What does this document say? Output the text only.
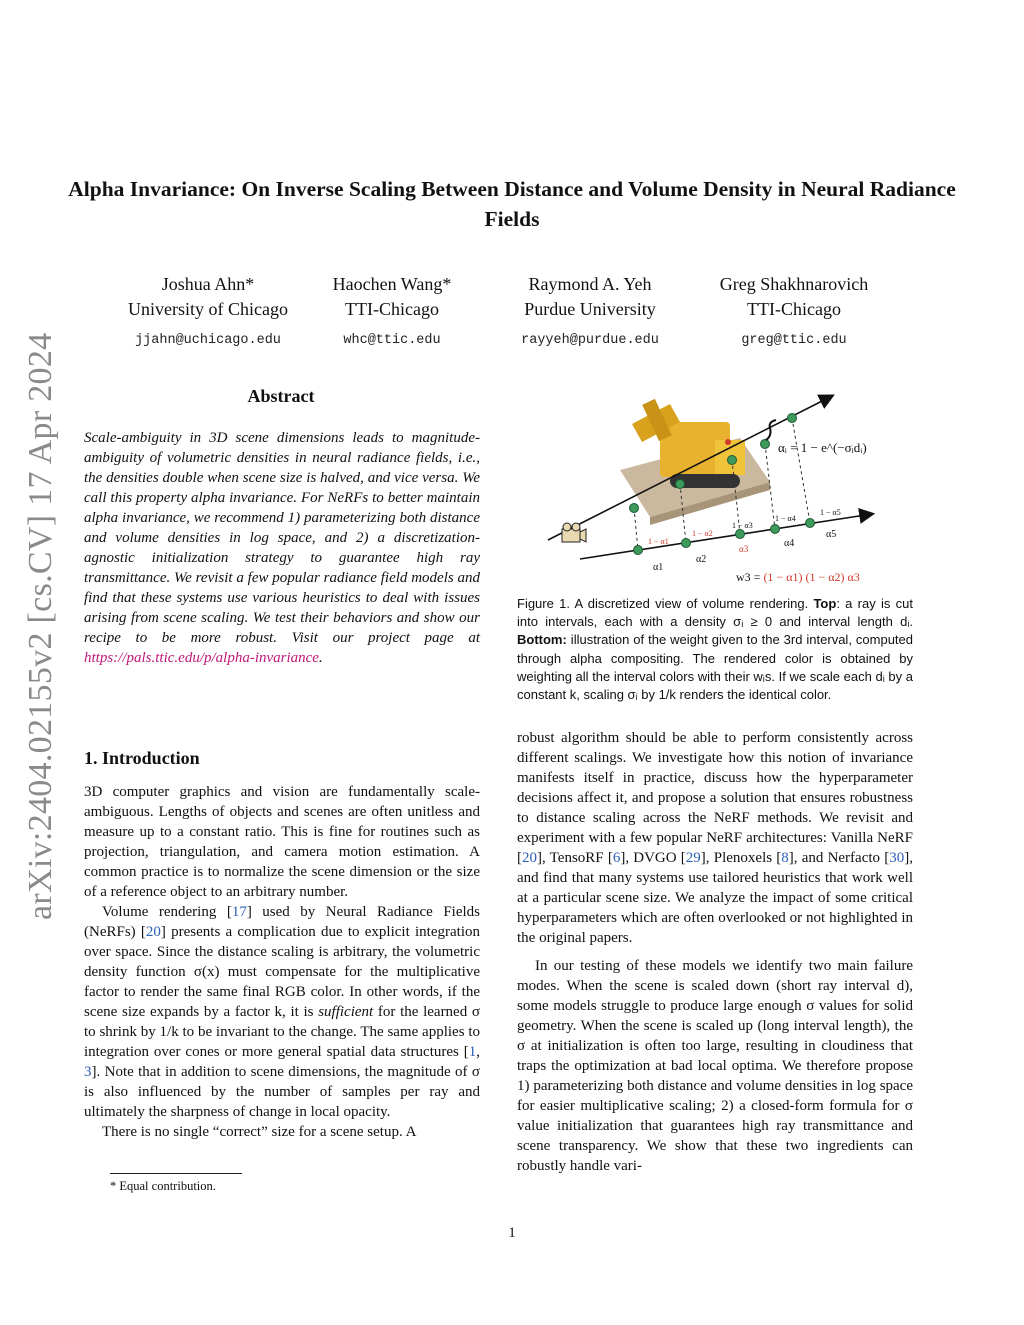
Alpha Invariance: On Inverse Scaling Between Distance and Volume Density in Neural Radiance Fields
Joshua Ahn*
University of Chicago
jjahn@uchicago.edu
Haochen Wang*
TTI-Chicago
whc@ttic.edu
Raymond A. Yeh
Purdue University
rayyeh@purdue.edu
Greg Shakhnarovich
TTI-Chicago
greg@ttic.edu
arXiv:2404.02155v2 [cs.CV] 17 Apr 2024	Abstract
Scale-ambiguity in 3D scene dimensions leads to magnitude-ambiguity of volumetric densities in neural radiance fields, i.e., the densities double when scene size is halved, and vice versa. We call this property alpha invariance. For NeRFs to better maintain alpha invariance, we recommend 1) parameterizing both distance and volume densities in log space, and 2) a discretization-agnostic initialization strategy to guarantee high ray transmittance. We revisit a few popular radiance field models and find that these systems use various heuristics to deal with issues arising from scene scaling. We test their behaviors and show our recipe to be more robust. Visit our project page at https://pals.ttic.edu/p/alpha-invariance.
1. Introduction

3D computer graphics and vision are fundamentally scale-ambiguous. Lengths of objects and scenes are often unitless and measure up to a constant ratio. This is fine for routines such as projection, triangulation, and camera motion estimation. A common practice is to normalize the scene dimension or the size of a reference object to an arbitrary number.

Volume rendering [17] used by Neural Radiance Fields (NeRFs) [20] presents a complication due to explicit integration over space. Since the distance scaling is arbitrary, the volumetric density function σ(x) must compensate for the multiplicative factor to render the same final RGB color. In other words, if the scene size expands by a factor k, it is sufficient for the learned σ to shrink by 1/k to be invariant to the change. The same applies to integration over cones or more general spatial data structures [1, 3]. Note that in addition to scene dimensions, the magnitude of σ is also influenced by the number of samples per ray and ultimately the sharpness of change in local opacity.

There is no single “correct” size for a scene setup. A

* Equal contribution.
αᵢ = 1 − e^(−σᵢdᵢ)
1 − α1
1 − α2
1 − α3
1 − α4
1 − α5
α1
α2
α3	α4
α5
w3 = (1 − α1) (1 − α2) α3
Figure 1. A discretized view of volume rendering. Top: a ray is cut into intervals, each with a density σᵢ ≥ 0 and interval length dᵢ. Bottom: illustration of the weight given to the 3rd interval, computed through alpha compositing. The rendered color is obtained by weighting all the interval colors with their wᵢs. If we scale each dᵢ by a constant k, scaling σᵢ by 1/k renders the identical color.

robust algorithm should be able to perform consistently across different scalings. We investigate how this notion of invariance manifests itself in practice, discuss how the hyperparameter decisions affect it, and propose a solution that ensures robustness to distance scaling across the NeRF methods. We revisit and experiment with a few popular NeRF architectures: Vanilla NeRF [20], TensoRF [6], DVGO [29], Plenoxels [8], and Nerfacto [30], and find that many systems use tailored heuristics that work well at a particular scene size. We analyze the impact of some critical hyperparameters which are often overlooked or not highlighted in the original papers.

In our testing of these models we identify two main failure modes. When the scene is scaled down (short ray interval d), some models struggle to produce large enough σ values for solid geometry. When the scene is scaled up (long interval length), the σ at initialization is often too large, resulting in cloudiness that traps the optimization at bad local optima. We therefore propose 1) parameterizing both distance and volume densities in log space for easier multiplicative scaling; 2) a closed-form formula for σ value initialization that guarantees high ray transmittance and scene transparency. We show that these two ingredients can robustly handle vari-

1
